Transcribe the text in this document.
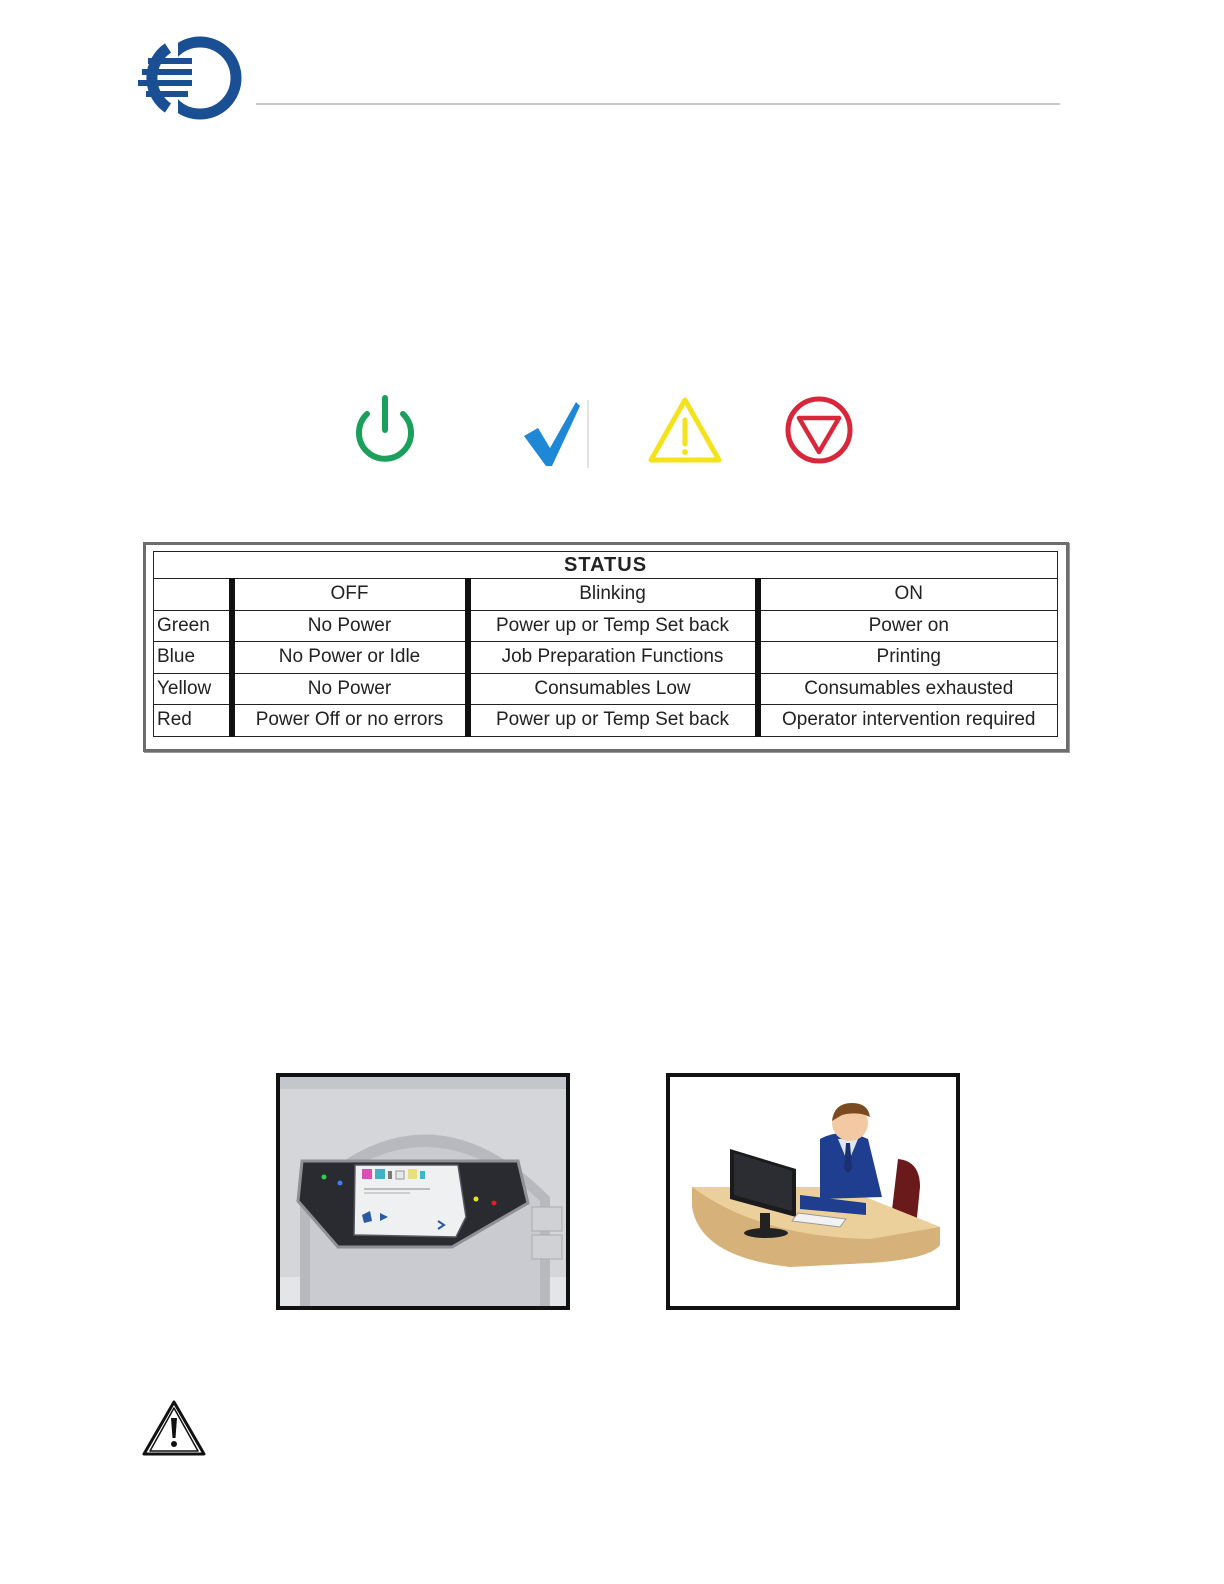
STATUS			
	OFF	Blinking	ON
Green	No Power	Power up or Temp Set back	Power on
Blue	No Power or Idle	Job Preparation Functions	Printing
Yellow	No Power	Consumables Low	Consumables exhausted
Red	Power Off or no errors	Power up or Temp Set back	Operator intervention required
